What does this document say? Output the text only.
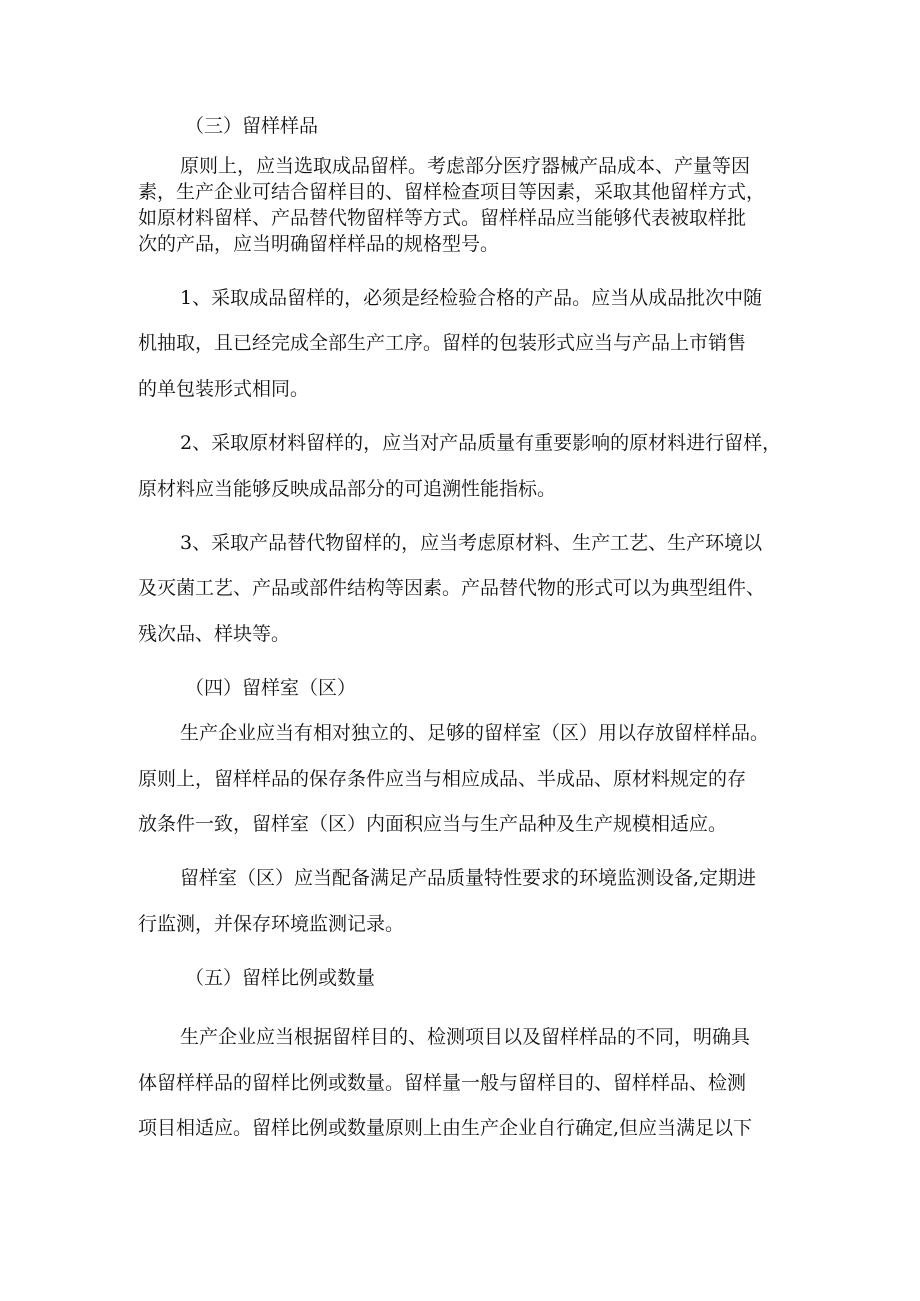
（三）留样样品

原则上，应当选取成品留样。考虑部分医疗器械产品成本、产量等因

素，生产企业可结合留样目的、留样检查项目等因素，采取其他留样方式，

如原材料留样、产品替代物留样等方式。留样样品应当能够代表被取样批

次的产品，应当明确留样样品的规格型号。

1、采取成品留样的，必须是经检验合格的产品。应当从成品批次中随

机抽取，且已经完成全部生产工序。留样的包装形式应当与产品上市销售

的单包装形式相同。

2、采取原材料留样的，应当对产品质量有重要影响的原材料进行留样，

原材料应当能够反映成品部分的可追溯性能指标。

3、采取产品替代物留样的，应当考虑原材料、生产工艺、生产环境以

及灭菌工艺、产品或部件结构等因素。产品替代物的形式可以为典型组件、

残次品、样块等。

（四）留样室（区）

生产企业应当有相对独立的、足够的留样室（区）用以存放留样样品。

原则上，留样样品的保存条件应当与相应成品、半成品、原材料规定的存

放条件一致，留样室（区）内面积应当与生产品种及生产规模相适应。

留样室（区）应当配备满足产品质量特性要求的环境监测设备,定期进

行监测，并保存环境监测记录。

（五）留样比例或数量

生产企业应当根据留样目的、检测项目以及留样样品的不同，明确具

体留样样品的留样比例或数量。留样量一般与留样目的、留样样品、检测

项目相适应。留样比例或数量原则上由生产企业自行确定,但应当满足以下
